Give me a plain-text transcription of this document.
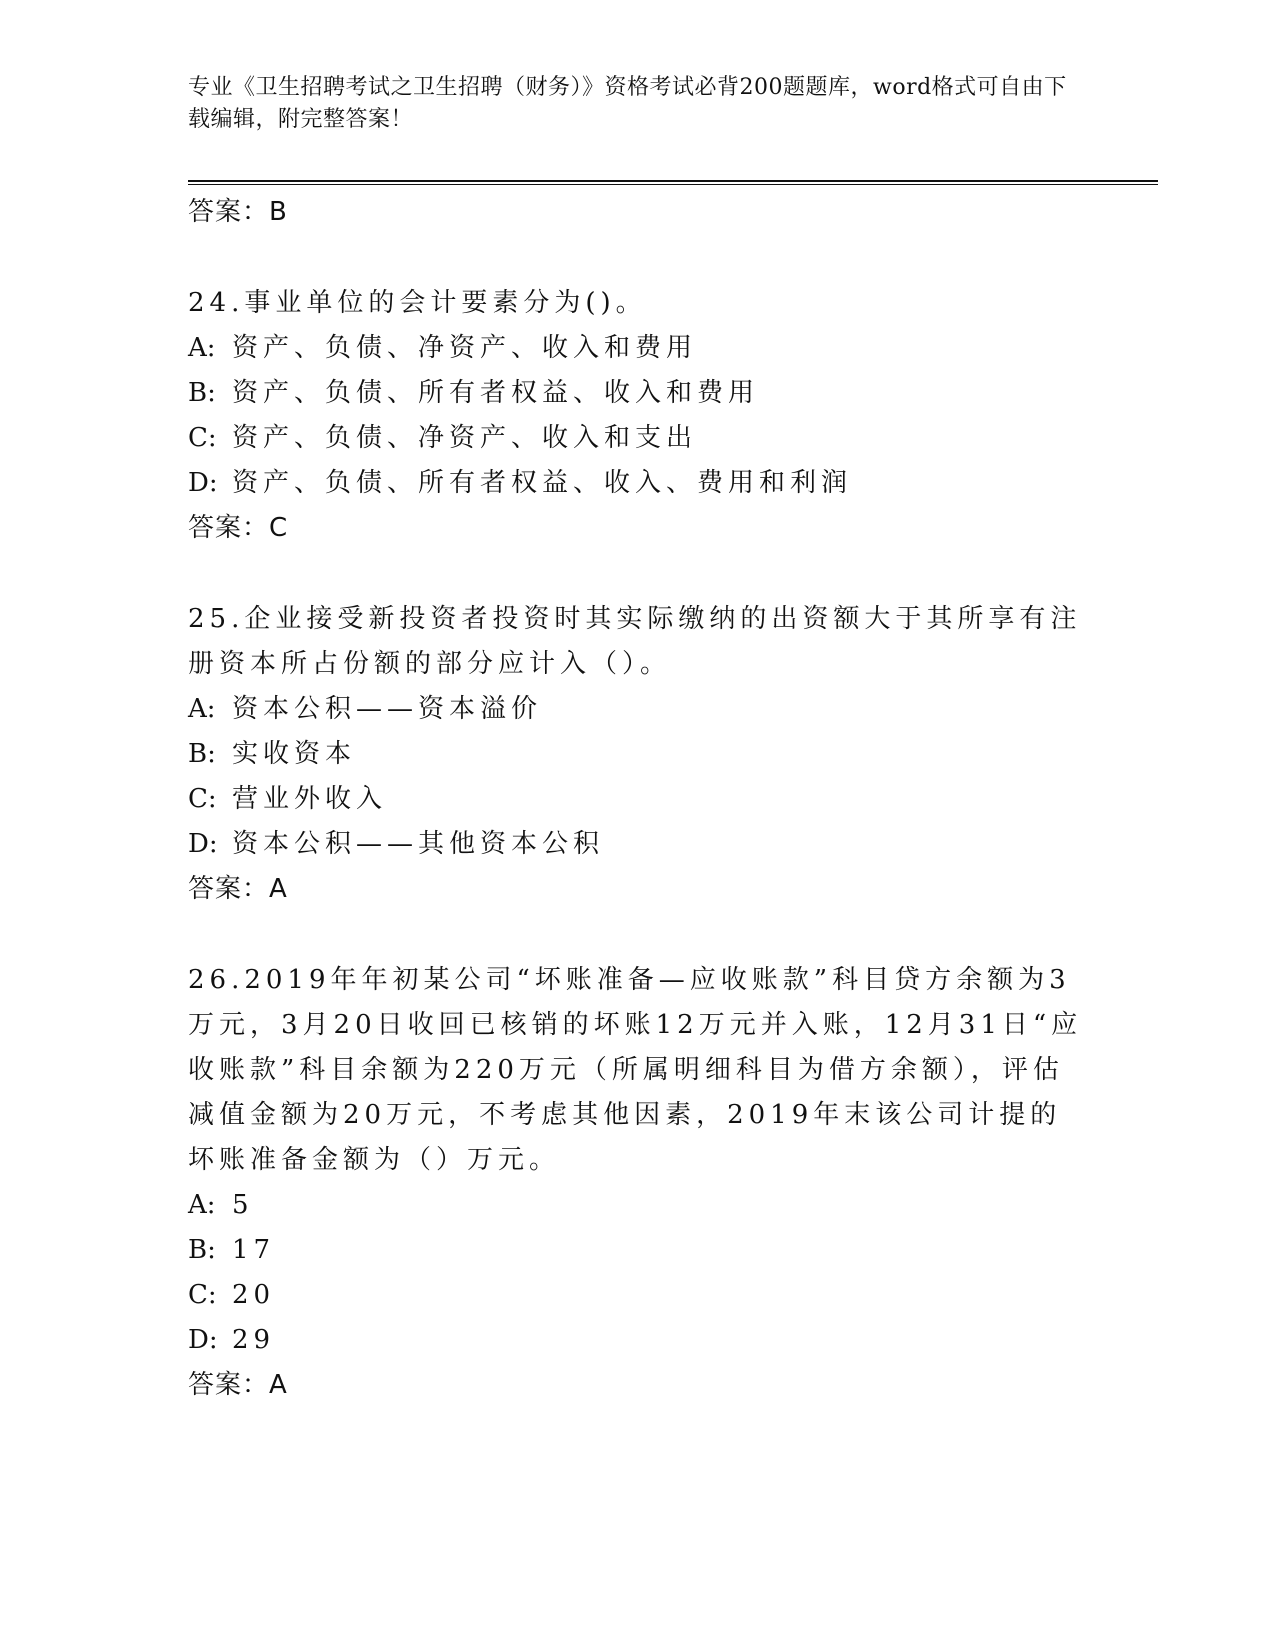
专业《卫生招聘考试之卫生招聘（财务）》资格考试必背200题题库，word格式可自由下载编辑，附完整答案！
答案：B
24.事业单位的会计要素分为()。
A: 资产、负债、净资产、收入和费用
B: 资产、负债、所有者权益、收入和费用
C: 资产、负债、净资产、收入和支出
D: 资产、负债、所有者权益、收入、费用和利润
答案：C
25.企业接受新投资者投资时其实际缴纳的出资额大于其所享有注册资本所占份额的部分应计入（）。
A: 资本公积——资本溢价
B: 实收资本
C: 营业外收入
D: 资本公积——其他资本公积
答案：A
26.2019年年初某公司“坏账准备—应收账款”科目贷方余额为3万元，3月20日收回已核销的坏账12万元并入账，12月31日“应收账款”科目余额为220万元（所属明细科目为借方余额），评估减值金额为20万元，不考虑其他因素，2019年末该公司计提的坏账准备金额为（）万元。
A: 5
B: 17
C: 20
D: 29
答案：A
